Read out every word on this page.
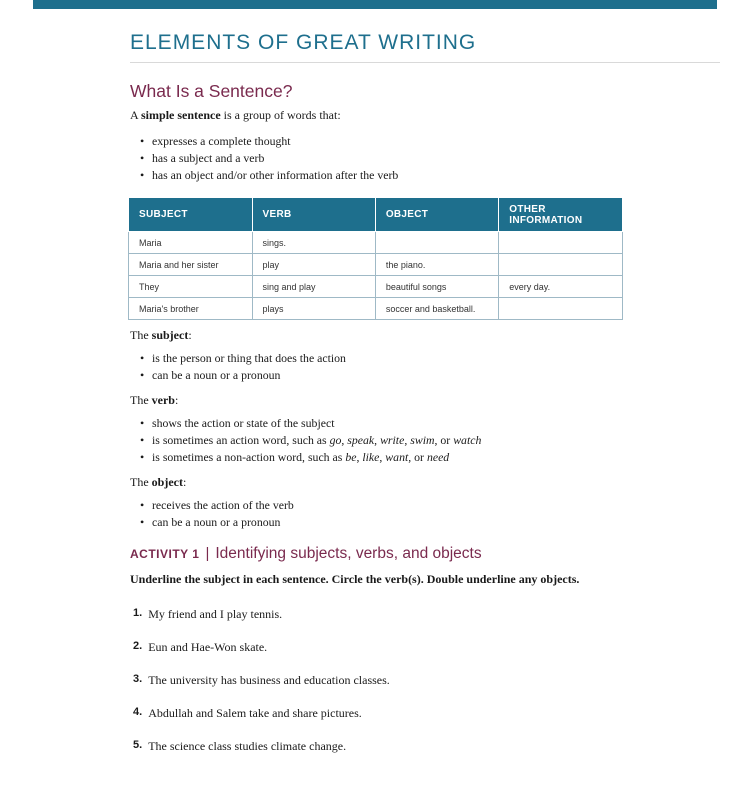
ELEMENTS OF GREAT WRITING
What Is a Sentence?
A simple sentence is a group of words that:
• expresses a complete thought
• has a subject and a verb
• has an object and/or other information after the verb
SUBJECT	VERB	OBJECT	OTHER INFORMATION
Maria	sings.		
Maria and her sister	play	the piano.	
They	sing and play	beautiful songs	every day.
Maria's brother	plays	soccer and basketball.	
The subject:
• is the person or thing that does the action
• can be a noun or a pronoun
The verb:
• shows the action or state of the subject
• is sometimes an action word, such as go, speak, write, swim, or watch
• is sometimes a non-action word, such as be, like, want, or need
The object:
• receives the action of the verb
• can be a noun or a pronoun
ACTIVITY 1 | Identifying subjects, verbs, and objects
Underline the subject in each sentence. Circle the verb(s). Double underline any objects.
1. My friend and I play tennis.
2. Eun and Hae-Won skate.
3. The university has business and education classes.
4. Abdullah and Salem take and share pictures.
5. The science class studies climate change.
